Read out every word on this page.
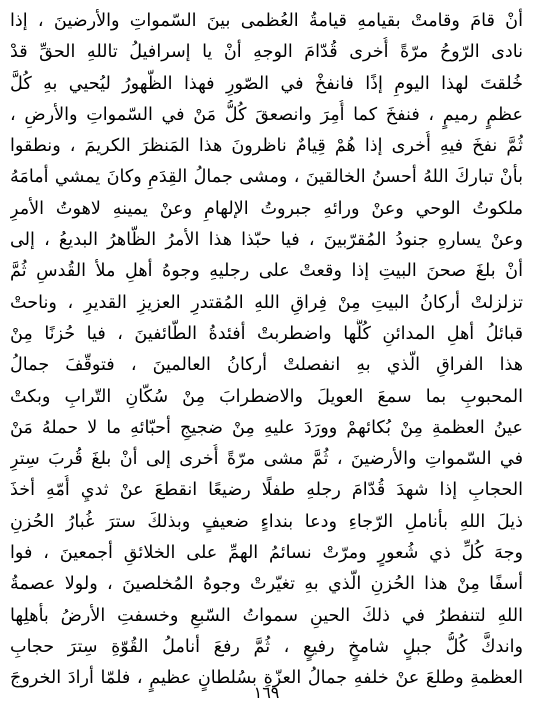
أنْ قامَ وقامتْ بقيامهِ قيامةُ العُظمى بينَ السّمواتِ والأرضينَ ، إذا
نادى الرّوحُ مرّةً أُخرى قُدّامَ الوجهِ أنْ يا إسرافيلُ تاللهِ الحقِّ قدْ
خُلقتَ لهذا اليومِ إذًا فانفخْ في الصّورِ فهذا الظّهورُ ليُحيي بهِ كُلَّ
عظمٍ رميمٍ ، فنفخَ كما أُمِرَ وانصعقَ كُلُّ مَنْ في السّمواتِ والأرضِ ،
ثُمَّ نفخَ فيهِ أُخرى إذا هُمْ قِيامٌ ناظرونَ هذا المَنظرَ الكريمَ ، ونطقوا
بأنْ تباركَ اللهُ أحسنُ الخالقينَ ، ومشى جمالُ القِدَمِ وكانَ يمشي أمامَهُ
ملكوتُ الوحي وعنْ ورائهِ جبروتُ الإلهامِ وعنْ يمينهِ لاهوتُ الأمرِ
وعنْ يسارهِ جنودُ المُقرّبينَ ، فيا حبّذا هذا الأمرُ الظّاهرُ البديعُ ، إلى
أنْ بلغَ صحنَ البيتِ إذا وقعتْ على رجليهِ وجوهُ أهلِ ملأ القُدسِ ثُمَّ
تزلزلتْ أركانُ البيتِ مِنْ فِراقِ اللهِ المُقتدرِ العزيزِ القديرِ ، وناحتْ
قبائلُ أهلِ المدائنِ كُلُّها واضطربتْ أفئدةُ الطّائفينَ ، فيا حُزنًا مِنْ
هذا الفراقِ الّذي بهِ انفصلتْ أركانُ العالمينَ ، فتوقّفَ جمالُ
المحبوبِ بما سمعَ العويلَ والاضطرابَ مِنْ سُكّانِ التّرابِ وبكتْ
عينُ العظمةِ مِنْ بُكائهمْ وورَدَ عليهِ مِنْ ضجيجِ أحبّائهِ ما لا حملهُ مَنْ
في السّمواتِ والأرضينَ ، ثُمَّ مشى مرّةً أُخرى إلى أنْ بلغَ قُربَ سِترِ
الحجابِ إذا شهدَ قُدّامَ رجلهِ طفلًا رضيعًا انقطعَ عنْ ثديِ أُمّهِ أخذَ
ذيلَ اللهِ بأناملِ الرّجاءِ ودعا بنداءٍ ضعيفٍ وبذلكَ سترَ غُبارُ الحُزنِ
وجهَ كُلِّ ذي شُعورٍ ومرّتْ نسائمُ الهمِّ على الخلائقِ أجمعينَ ، فوا
أسفًا مِنْ هذا الحُزنِ الّذي بهِ تغيّرتْ وجوهُ المُخلصينَ ، ولولا عصمةُ
اللهِ لتنفطرُ في ذلكَ الحينِ سمواتُ السّبعِ وخسفتِ الأرضُ بأهلِها
واندكَّ كُلُّ جبلٍ شامخٍ رفيعٍ ، ثُمَّ رفعَ أناملُ القُوّةِ سِترَ حجابِ
العظمةِ وطلعَ عنْ خلفهِ جمالُ العزّةِ بسُلطانٍ عظيمٍ ، فلمّا أرادَ الخروجَ
١٦٩
